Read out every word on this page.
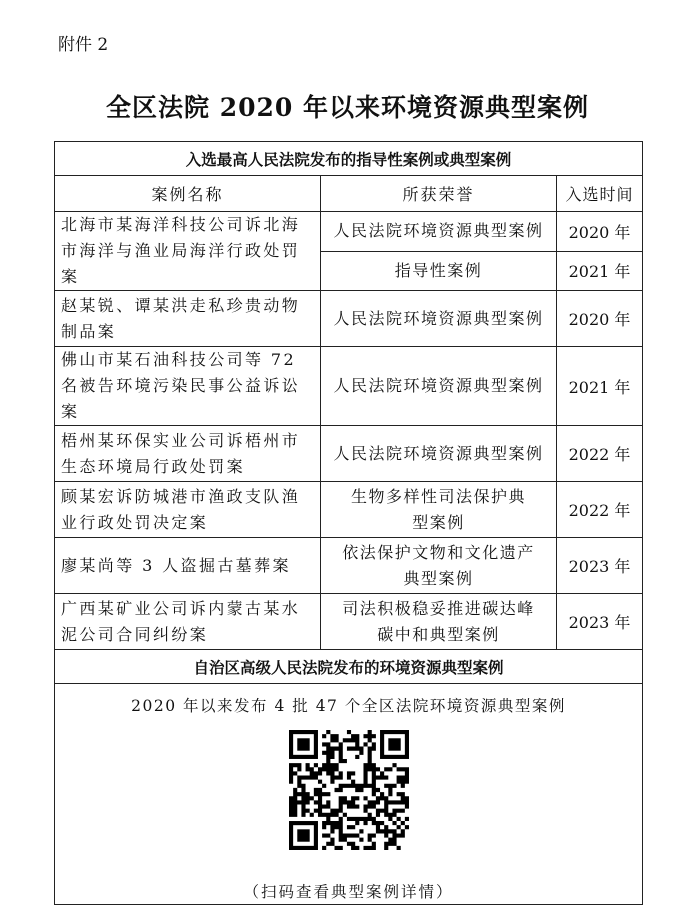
附件 2
全区法院 2020 年以来环境资源典型案例
入选最高人民法院发布的指导性案例或典型案例		
案例名称	所获荣誉	入选时间
北海市某海洋科技公司诉北海市海洋与渔业局海洋行政处罚案	人民法院环境资源典型案例	2020 年
	指导性案例	2021 年
赵某锐、谭某洪走私珍贵动物制品案	人民法院环境资源典型案例	2020 年
佛山市某石油科技公司等 72 名被告环境污染民事公益诉讼案	人民法院环境资源典型案例	2021 年
梧州某环保实业公司诉梧州市生态环境局行政处罚案	人民法院环境资源典型案例	2022 年
顾某宏诉防城港市渔政支队渔业行政处罚决定案	生物多样性司法保护典型案例	2022 年
廖某尚等 3 人盗掘古墓葬案	依法保护文物和文化遗产典型案例	2023 年
广西某矿业公司诉内蒙古某水泥公司合同纠纷案	司法积极稳妥推进碳达峰碳中和典型案例	2023 年
自治区高级人民法院发布的环境资源典型案例		

2020 年以来发布 4 批 47 个全区法院环境资源典型案例
（扫码查看典型案例详情）		
